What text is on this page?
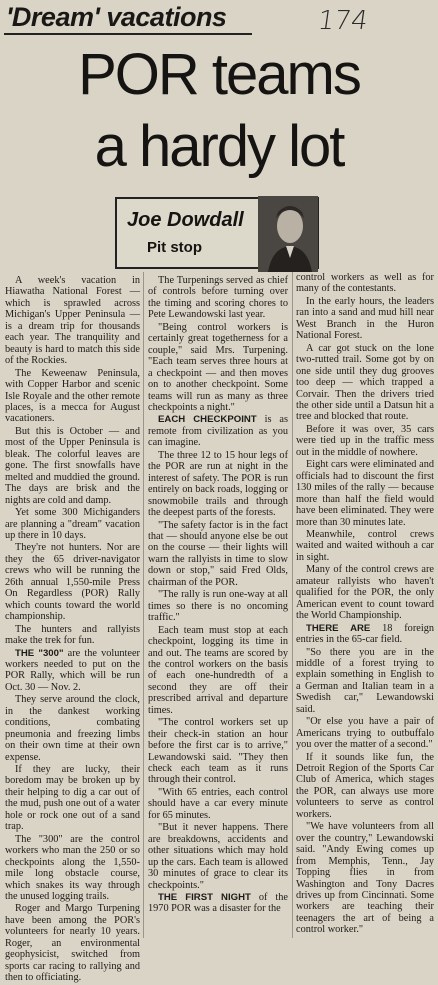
'Dream' vacations	174
POR teams
a hardy lot
Joe Dowdall
Pit stop

A week's vacation in Hiawatha National Forest — which is sprawled across Michigan's Upper Peninsula — is a dream trip for thousands each year. The tranquility and beauty is hard to match this side of the Rockies.

The Keweenaw Peninsula, with Copper Harbor and scenic Isle Royale and the other remote places, is a mecca for August vacationers.

But this is October — and most of the Upper Peninsula is bleak. The colorful leaves are gone. The first snowfalls have melted and muddied the ground. The days are brisk and the nights are cold and damp.

Yet some 300 Michiganders are planning a "dream" vacation up there in 10 days.

They're not hunters. Nor are they the 65 driver-navigator crews who will be running the 26th annual 1,550-mile Press On Regardless (POR) Rally which counts toward the world championship.

The hunters and rallyists make the trek for fun.

THE "300" are the volunteer workers needed to put on the POR Rally, which will be run Oct. 30 — Nov. 2.

They serve around the clock, in the dankest working conditions, combating pneumonia and freezing limbs on their own time at their own expense.

If they are lucky, their boredom may be broken up by their helping to dig a car out of the mud, push one out of a water hole or rock one out of a sand trap.

The "300" are the control workers who man the 250 or so checkpoints along the 1,550-mile long obstacle course, which snakes its way through the unused logging trails.

Roger and Margo Turpening have been among the POR's volunteers for nearly 10 years. Roger, an environmental geophysicist, switched from sports car racing to rallying and then to officiating.

The Turpenings served as chief of controls before turning over the timing and scoring chores to Pete Lewandowski last year.

"Being control workers is certainly great togetherness for a couple," said Mrs. Turpening. "Each team serves three hours at a checkpoint — and then moves on to another checkpoint. Some teams will run as many as three checkpoints a night."

EACH CHECKPOINT is as remote from civilization as you can imagine.

The three 12 to 15 hour legs of the POR are run at night in the interest of safety. The POR is run entirely on back roads, logging or snowmobile trails and through the deepest parts of the forests.

"The safety factor is in the fact that — should anyone else be out on the course — their lights will warn the rallyists in time to slow down or stop," said Fred Olds, chairman of the POR.

"The rally is run one-way at all times so there is no oncoming traffic."

Each team must stop at each checkpoint, logging its time in and out. The teams are scored by the control workers on the basis of each one-hundredth of a second they are off their prescribed arrival and departure times.

"The control workers set up their check-in station an hour before the first car is to arrive," Lewandowski said. "They then check each team as it runs through their control.

"With 65 entries, each control should have a car every minute for 65 minutes.

"But it never happens. There are breakdowns, accidents and other situations which may hold up the cars. Each team is allowed 30 minutes of grace to clear its checkpoints."

THE FIRST NIGHT of the 1970 POR was a disaster for the

control workers as well as for many of the contestants.

In the early hours, the leaders ran into a sand and mud hill near West Branch in the Huron National Forest.

A car got stuck on the lone two-rutted trail. Some got by on one side until they dug grooves too deep — which trapped a Corvair. Then the drivers tried the other side until a Datsun hit a tree and blocked that route.

Before it was over, 35 cars were tied up in the traffic mess out in the middle of nowhere.

Eight cars were eliminated and officials had to discount the first 130 miles of the rally — because more than half the field would have been eliminated. They were more than 30 minutes late.

Meanwhile, control crews waited and waited withouh a car in sight.

Many of the control crews are amateur rallyists who haven't qualified for the POR, the only American event to count toward the World Championship.

THERE ARE 18 foreign entries in the 65-car field.

"So there you are in the middle of a forest trying to explain something in English to a German and Italian team in a Swedish car," Lewandowski said.

"Or else you have a pair of Americans trying to outbuffalo you over the matter of a second."

If it sounds like fun, the Detroit Region of the Sports Car Club of America, which stages the POR, can always use more volunteers to serve as control workers.

"We have volunteers from all over the country," Lewandowski said. "Andy Ewing comes up from Memphis, Tenn., Jay Topping flies in from Washington and Tony Dacres drives up from Cincinnati. Some workers are teaching their teenagers the art of being a control worker."
